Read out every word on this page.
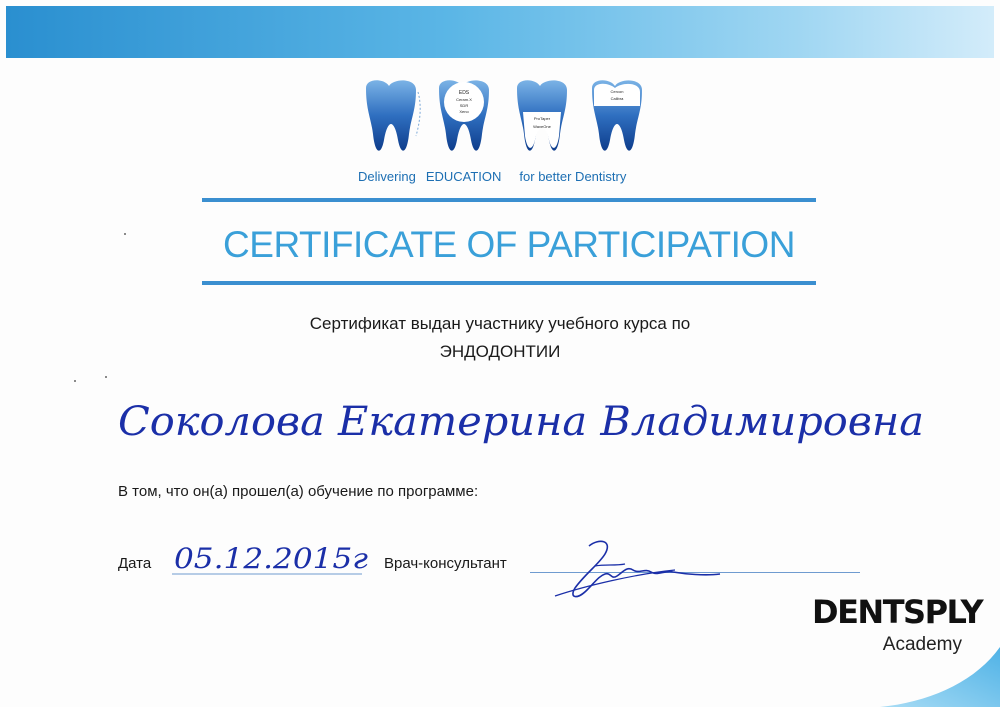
EDS
Ceram.X
SDR
Xeno
ProTaper
WaveOne
Cercon
Calibra
Delivering EDUCATION for better Dentistry
CERTIFICATE OF PARTICIPATION
Сертификат выдан участнику учебного курса по
ЭНДОДОНТИИ
Соколова Екатерина Владимировна
В том, что он(а) прошел(а) обучение по программе:
Дата 05.12.2015г Врач-консультант
DENTSPLY
Academy
